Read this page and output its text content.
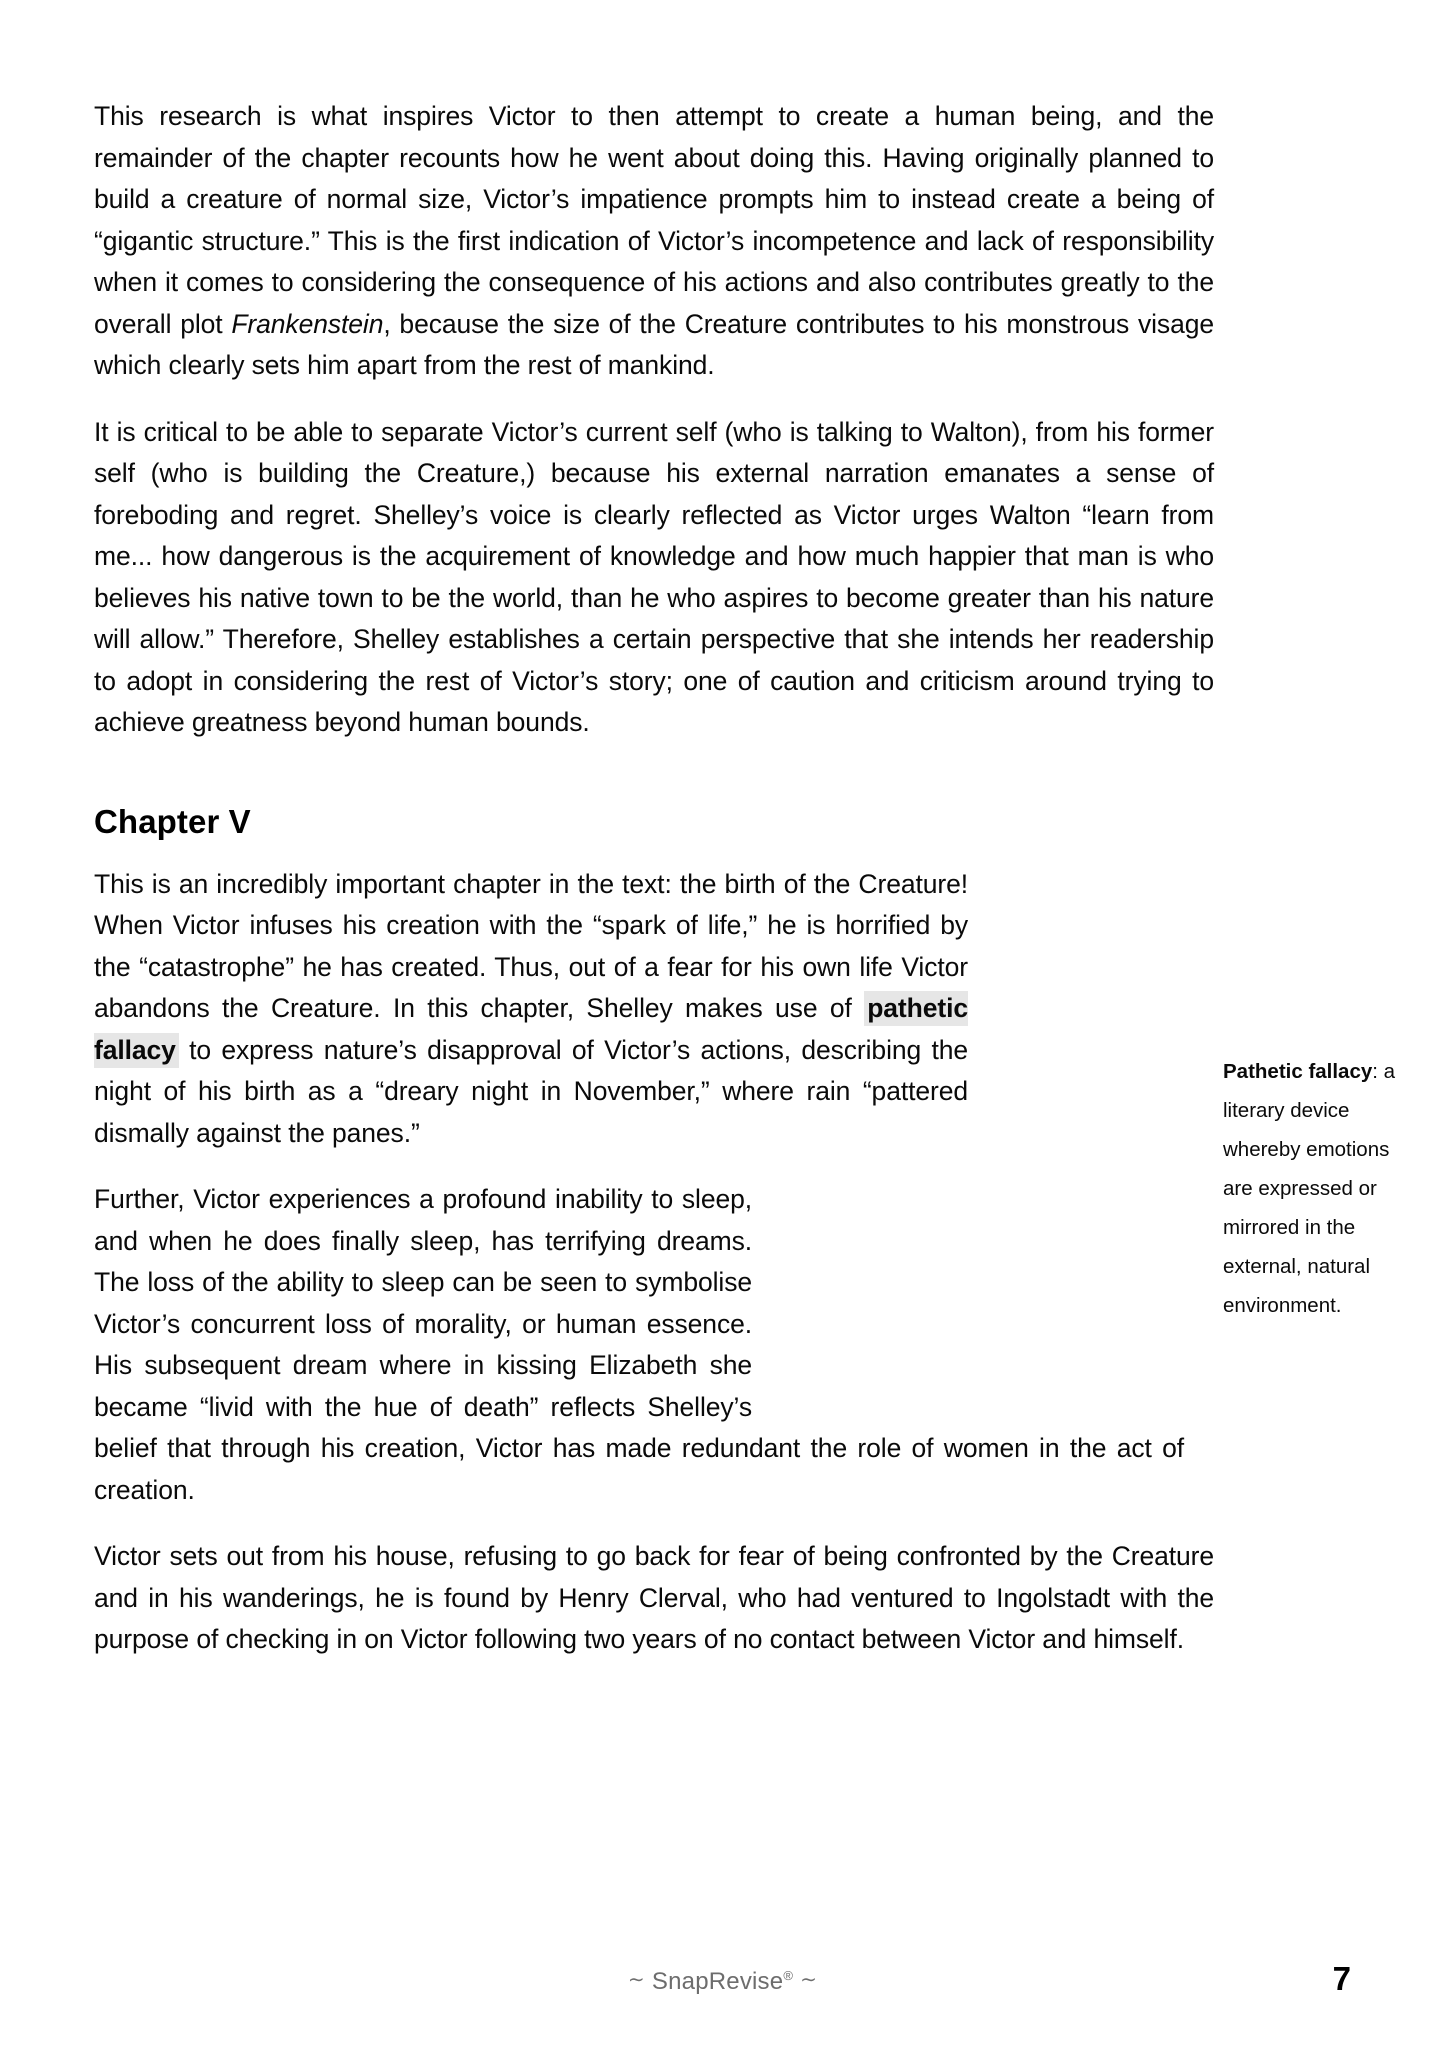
This research is what inspires Victor to then attempt to create a human being, and the remainder of the chapter recounts how he went about doing this. Having originally planned to build a creature of normal size, Victor’s impatience prompts him to instead create a being of “gigantic structure.” This is the first indication of Victor’s incompetence and lack of responsibility when it comes to considering the consequence of his actions and also contributes greatly to the overall plot Frankenstein, because the size of the Creature contributes to his monstrous visage which clearly sets him apart from the rest of mankind.

It is critical to be able to separate Victor’s current self (who is talking to Walton), from his former self (who is building the Creature,) because his external narration emanates a sense of foreboding and regret. Shelley’s voice is clearly reflected as Victor urges Walton “learn from me... how dangerous is the acquirement of knowledge and how much happier that man is who believes his native town to be the world, than he who aspires to become greater than his nature will allow.” Therefore, Shelley establishes a certain perspective that she intends her readership to adopt in considering the rest of Victor’s story; one of caution and criticism around trying to achieve greatness beyond human bounds.

Chapter V

This is an incredibly important chapter in the text: the birth of the Creature! When Victor infuses his creation with the “spark of life,” he is horrified by the “catastrophe” he has created. Thus, out of a fear for his own life Victor abandons the Creature. In this chapter, Shelley makes use of pathetic fallacy to express nature’s disapproval of Victor’s actions, describing the night of his birth as a “dreary night in November,” where rain “pattered dismally against the panes.”

Further, Victor experiences a profound inability to sleep, and when he does finally sleep, has terrifying dreams. The loss of the ability to sleep can be seen to symbolise Victor’s concurrent loss of morality, or human essence. His subsequent dream where in kissing Elizabeth she became “livid with the hue of death” reflects Shelley’s belief that through his creation, Victor has made redundant the role of women in the act of creation.

Victor sets out from his house, refusing to go back for fear of being confronted by the Creature and in his wanderings, he is found by Henry Clerval, who had ventured to Ingolstadt with the purpose of checking in on Victor following two years of no contact between Victor and himself.

Pathetic fallacy: a literary device whereby emotions are expressed or mirrored in the external, natural environment.
∼ SnapRevise® ∼	7
